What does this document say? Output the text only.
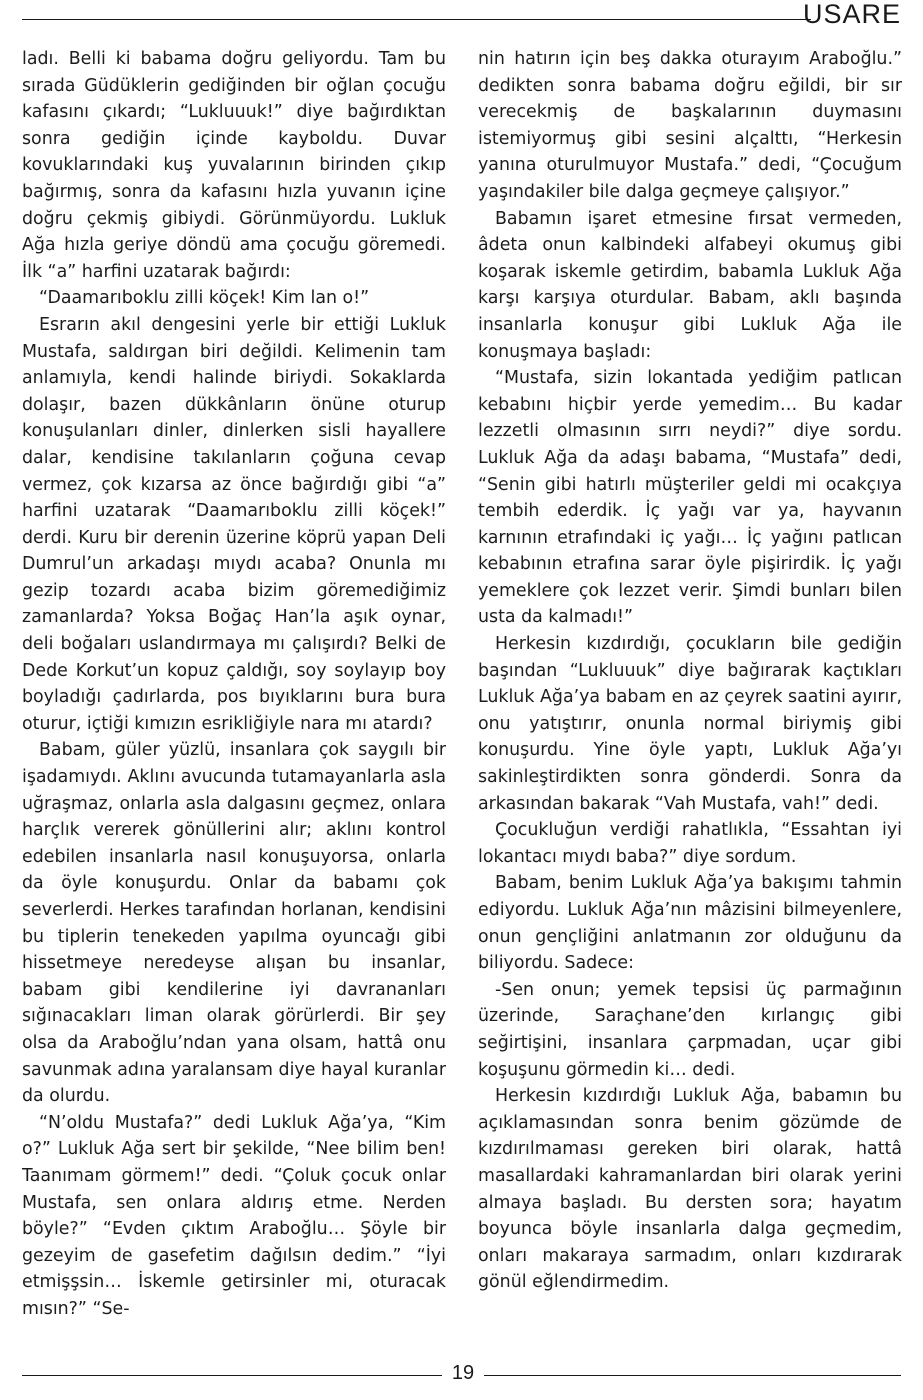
USARE

ladı. Belli ki babama doğru geliyordu. Tam bu sırada Güdüklerin gediğinden bir oğlan çocuğu kafasını çıkardı; “Lukluuuk!” diye bağırdıktan sonra gediğin içinde kayboldu. Duvar kovuklarındaki kuş yuvalarının birinden çıkıp bağırmış, sonra da kafasını hızla yuvanın içine doğru çekmiş gibiydi. Görünmüyordu. Lukluk Ağa hızla geriye döndü ama çocuğu göremedi. İlk “a” harfini uzatarak bağırdı:

“Daamarıboklu zilli köçek! Kim lan o!”

Esrarın akıl dengesini yerle bir ettiği Lukluk Mustafa, saldırgan biri değildi. Kelimenin tam anlamıyla, kendi halinde biriydi. Sokaklarda dolaşır, bazen dükkânların önüne oturup konuşulanları dinler, dinlerken sisli hayallere dalar, kendisine takılanların çoğuna cevap vermez, çok kızarsa az önce bağırdığı gibi “a” harfini uzatarak “Daamarıboklu zilli köçek!” derdi. Kuru bir derenin üzerine köprü yapan Deli Dumrul’un arkadaşı mıydı acaba? Onunla mı gezip tozardı acaba bizim göremediğimiz zamanlarda? Yoksa Boğaç Han’la aşık oynar, deli boğaları uslandırmaya mı çalışırdı? Belki de Dede Korkut’un kopuz çaldığı, soy soylayıp boy boyladığı çadırlarda, pos bıyıklarını bura bura oturur, içtiği kımızın esrikliğiyle nara mı atardı?

Babam, güler yüzlü, insanlara çok saygılı bir işadamıydı. Aklını avucunda tutamayanlarla asla uğraşmaz, onlarla asla dalgasını geçmez, onlara harçlık vererek gönüllerini alır; aklını kontrol edebilen insanlarla nasıl konuşuyorsa, onlarla da öyle konuşurdu. Onlar da babamı çok severlerdi. Herkes tarafından horlanan, kendisini bu tiplerin tenekeden yapılma oyuncağı gibi hissetmeye neredeyse alışan bu insanlar, babam gibi kendilerine iyi davrananları sığınacakları liman olarak görürlerdi. Bir şey olsa da Araboğlu’ndan yana olsam, hattâ onu savunmak adına yaralansam diye hayal kuranlar da olurdu.

“N’oldu Mustafa?” dedi Lukluk Ağa’ya, “Kim o?” Lukluk Ağa sert bir şekilde, “Nee bilim ben! Taanımam görmem!” dedi. “Çoluk çocuk onlar Mustafa, sen onlara aldırış etme. Nerden böyle?” “Evden çıktım Araboğlu… Şöyle bir gezeyim de gasefetim dağılsın dedim.” “İyi etmişşsin… İskemle getirsinler mi, oturacak mısın?” “Se-

nin hatırın için beş dakka oturayım Araboğlu.” dedikten sonra babama doğru eğildi, bir sır verecekmiş de başkalarının duymasını istemiyormuş gibi sesini alçalttı, “Herkesin yanına oturulmuyor Mustafa.” dedi, “Çocuğum yaşındakiler bile dalga geçmeye çalışıyor.”

Babamın işaret etmesine fırsat vermeden, âdeta onun kalbindeki alfabeyi okumuş gibi koşarak iskemle getirdim, babamla Lukluk Ağa karşı karşıya oturdular. Babam, aklı başında insanlarla konuşur gibi Lukluk Ağa ile konuşmaya başladı:

“Mustafa, sizin lokantada yediğim patlıcan kebabını hiçbir yerde yemedim… Bu kadar lezzetli olmasının sırrı neydi?” diye sordu. Lukluk Ağa da adaşı babama, “Mustafa” dedi, “Senin gibi hatırlı müşteriler geldi mi ocakçıya tembih ederdik. İç yağı var ya, hayvanın karnının etrafındaki iç yağı… İç yağını patlıcan kebabının etrafına sarar öyle pişirirdik. İç yağı yemeklere çok lezzet verir. Şimdi bunları bilen usta da kalmadı!”

Herkesin kızdırdığı, çocukların bile gediğin başından “Lukluuuk” diye bağırarak kaçtıkları Lukluk Ağa’ya babam en az çeyrek saatini ayırır, onu yatıştırır, onunla normal biriymiş gibi konuşurdu. Yine öyle yaptı, Lukluk Ağa’yı sakinleştirdikten sonra gönderdi. Sonra da arkasından bakarak “Vah Mustafa, vah!” dedi.

Çocukluğun verdiği rahatlıkla, “Essahtan iyi lokantacı mıydı baba?” diye sordum.

Babam, benim Lukluk Ağa’ya bakışımı tahmin ediyordu. Lukluk Ağa’nın mâzisini bilmeyenlere, onun gençliğini anlatmanın zor olduğunu da biliyordu. Sadece:

-Sen onun; yemek tepsisi üç parmağının üzerinde, Saraçhane’den kırlangıç gibi seğirtişini, insanlara çarpmadan, uçar gibi koşuşunu görmedin ki… dedi.

Herkesin kızdırdığı Lukluk Ağa, babamın bu açıklamasından sonra benim gözümde de kızdırılmaması gereken biri olarak, hattâ masallardaki kahramanlardan biri olarak yerini almaya başladı. Bu dersten sora; hayatım boyunca böyle insanlarla dalga geçmedim, onları makaraya sarmadım, onları kızdırarak gönül eğlendirmedim.

19
